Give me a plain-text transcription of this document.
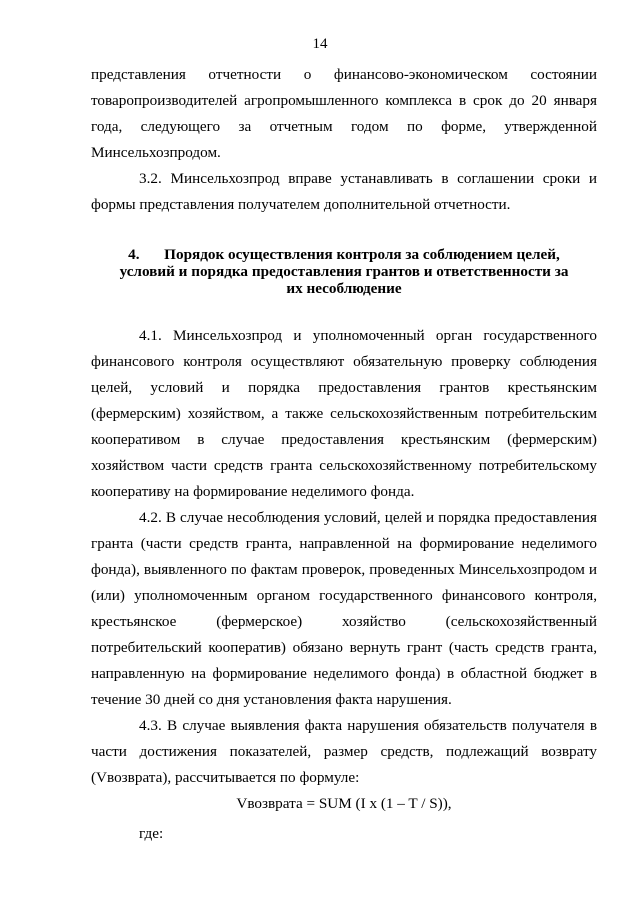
14

представления отчетности о финансово-экономическом состоянии товаропроизводителей агропромышленного комплекса в срок до 20 января года, следующего за отчетным годом по форме, утвержденной Минсельхозпродом.

3.2. Минсельхозпрод вправе устанавливать в соглашении сроки и формы представления получателем дополнительной отчетности.

4. Порядок осуществления контроля за соблюдением целей, условий и порядка предоставления грантов и ответственности за их несоблюдение

4.1. Минсельхозпрод и уполномоченный орган государственного финансового контроля осуществляют обязательную проверку соблюдения целей, условий и порядка предоставления грантов крестьянским (фермерским) хозяйством, а также сельскохозяйственным потребительским кооперативом в случае предоставления крестьянским (фермерским) хозяйством части средств гранта сельскохозяйственному потребительскому кооперативу на формирование неделимого фонда.

4.2. В случае несоблюдения условий, целей и порядка предоставления гранта (части средств гранта, направленной на формирование неделимого фонда), выявленного по фактам проверок, проведенных Минсельхозпродом и (или) уполномоченным органом государственного финансового контроля, крестьянское (фермерское) хозяйство (сельскохозяйственный потребительский кооператив) обязано вернуть грант (часть средств гранта, направленную на формирование неделимого фонда) в областной бюджет в течение 30 дней со дня установления факта нарушения.

4.3. В случае выявления факта нарушения обязательств получателя в части достижения показателей, размер средств, подлежащий возврату (Vвозврата), рассчитывается по формуле:

Vвозврата = SUM (I x (1 – T / S)),

где:
